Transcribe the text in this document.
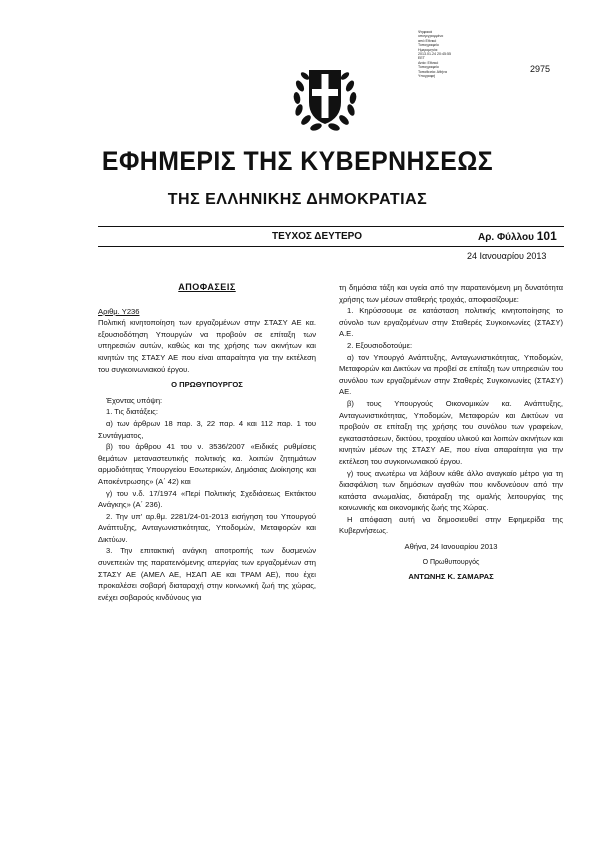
Ψηφιακά
υπογεγραμμένο
από Εθνικό
Τυπογραφείο
Ημερομηνία:
2013.01.24 20:45:55
EET
Αιτία: Εθνικό
Τυπογραφείο
Τοποθεσία: Αθήνα
Υπογραφή
2975
ΕΦΗΜΕΡΙΣ ΤΗΣ ΚΥΒΕΡΝΗΣΕΩΣ
ΤΗΣ ΕΛΛΗΝΙΚΗΣ ΔΗΜΟΚΡΑΤΙΑΣ
ΤΕΥΧΟΣ ΔΕΥΤΕΡΟ	Αρ. Φύλλου 101
24 Ιανουαρίου 2013

ΑΠΟΦΑΣΕΙΣ

Αριθμ. Υ236

Πολιτική κινητοποίηση των εργαζομένων στην ΣΤΑΣΥ ΑΕ κα. εξουσιοδότηση Υπουργών να προβούν σε επίταξη των υπηρεσιών αυτών, καθώς και της χρήσης των ακινήτων και κινητών της ΣΤΑΣΥ ΑΕ που είναι απαραίτητα για την εκτέλεση του συγκοινωνιακού έργου.

Ο ΠΡΩΘΥΠΟΥΡΓΟΣ

Έχοντας υπόψη:

1. Τις διατάξεις:

α) των άρθρων 18 παρ. 3, 22 παρ. 4 και 112 παρ. 1 του Συντάγματος,

β) του άρθρου 41 του ν. 3536/2007 «Ειδικές ρυθμίσεις θεμάτων μεταναστευτικής πολιτικής κα. λοιπών ζητημάτων αρμοδιότητας Υπουργείου Εσωτερικών, Δημόσιας Διοίκησης και Αποκέντρωσης» (Α΄ 42) και

γ) του ν.δ. 17/1974 «Περί Πολιτικής Σχεδιάσεως Εκτάκτου Ανάγκης» (Α΄ 236).

2. Την υπ' αρ.θμ. 2281/24-01-2013 εισήγηση του Υπουργού Ανάπτυξης, Ανταγωνιστικότητας, Υποδομών, Μεταφορών και Δικτύων.

3. Την επιτακτική ανάγκη αποτροπής των δυσμενών συνεπειών της παρατεινόμενης απεργίας των εργαζομένων στη ΣΤΑΣΥ ΑΕ (ΑΜΕΛ ΑΕ, ΗΣΑΠ ΑΕ και ΤΡΑΜ ΑΕ), που έχει προκαλέσει σοβαρή διαταραχή στην κοινωνική ζωή της χώρας, ενέχει σοβαρούς κινδύνους για

τη δημόσια τάξη και υγεία από την παρατεινόμενη μη δυνατότητα χρήσης των μέσων σταθερής τροχιάς, αποφασίζουμε:

1. Κηρύσσουμε σε κατάσταση πολιτικής κινητοποίησης το σύνολο των εργαζομένων στην Σταθερές Συγκοινωνίες (ΣΤΑΣΥ) Α.Ε.

2. Εξουσιοδοτούμε:

α) τον Υπουργό Ανάπτυξης, Ανταγωνιστικότητας, Υποδομών, Μεταφορών και Δικτύων να προβεί σε επίταξη των υπηρεσιών του συνόλου των εργαζομένων στην Σταθερές Συγκοινωνίες (ΣΤΑΣΥ) ΑΕ.

β) τους Υπουργούς Οικονομικών κα. Ανάπτυξης, Ανταγωνιστικότητας, Υποδομών, Μεταφορών και Δικτύων να προβούν σε επίταξη της χρήσης του συνόλου των γραφείων, εγκαταστάσεων, δικτύου, τροχαίου υλικού και λοιπών ακινήτων και κινητών μέσων της ΣΤΑΣΥ ΑΕ, που είναι απαραίτητα για την εκτέλεση του συγκοινωνιακού έργου.

γ) τους ανωτέρω να λάβουν κάθε άλλο αναγκαίο μέτρο για τη διασφάλιση των δημόσιων αγαθών που κινδυνεύουν από την κατάστα ανωμαλίας, διατάραξη της ομαλής λειτουργίας της κοινωνικής και οικονομικής ζωής της Χώρας.

Η απόφαση αυτή να δημοσιευθεί στην Εφημερίδα της Κυβερνήσεως.

Αθήνα, 24 Ιανουαρίου 2013

Ο Πρωθυπουργός

ΑΝΤΩΝΗΣ Κ. ΣΑΜΑΡΑΣ
